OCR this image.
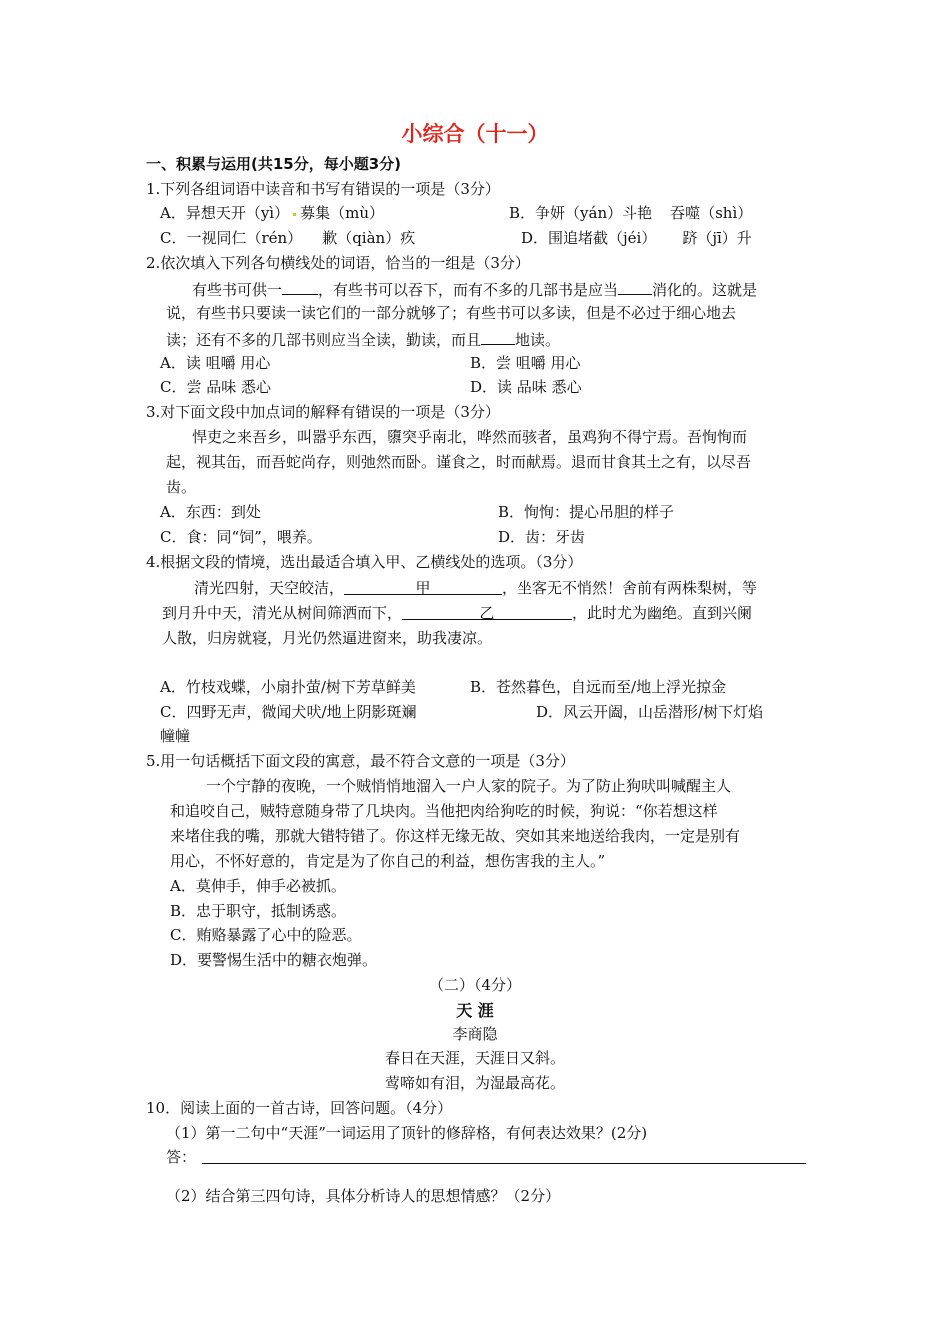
小综合（十一）
一、积累与运用(共15分，每小题3分)
1.下列各组词语中读音和书写有错误的一项是（3分）
A．异想天开（yì） 募集（mù）	B．争妍（yán）斗艳 吞噬（shì）
C．一视同仁（rén） 歉（qiàn）疚	D．围追堵截（jéi） 跻（jī）升
2.依次填入下列各句横线处的词语，恰当的一组是（3分）
有些书可供一 ，有些书可以吞下，而有不多的几部书是应当 消化的。这就是
说，有些书只要读一读它们的一部分就够了；有些书可以多读，但是不必过于细心地去
读；还有不多的几部书则应当全读，勤读，而且 地读。
A．读 咀嚼 用心	B．尝 咀嚼 用心
C．尝 品味 悉心	D．读 品味 悉心
3.对下面文段中加点词的解释有错误的一项是（3分）
悍吏之来吾乡，叫嚣乎东西，隳突乎南北，哗然而骇者，虽鸡狗不得宁焉。吾恂恂而
起，视其缶，而吾蛇尚存，则弛然而卧。谨食之，时而献焉。退而甘食其土之有，以尽吾
齿。
A．东西：到处	B．恂恂：提心吊胆的样子
C．食：同“饲”，喂养。	D．齿：牙齿
4.根据文段的情境，选出最适合填入甲、乙横线处的选项。（3分）
清光四射，天空皎洁，	甲	，坐客无不悄然！舍前有两株梨树，等
到月升中天，清光从树间筛洒而下，	乙	，此时尤为幽绝。直到兴阑
人散，归房就寝，月光仍然逼进窗来，助我凄凉。
A．竹枝戏蝶，小扇扑萤/树下芳草鲜美	B．苍然暮色，自远而至/地上浮光掠金
C．四野无声，微闻犬吠/地上阴影斑斓	D．风云开阖，山岳潜形/树下灯焰
幢幢
5.用一句话概括下面文段的寓意，最不符合文意的一项是（3分）
一个宁静的夜晚，一个贼悄悄地溜入一户人家的院子。为了防止狗吠叫喊醒主人
和追咬自己，贼特意随身带了几块肉。当他把肉给狗吃的时候，狗说：“你若想这样
来堵住我的嘴，那就大错特错了。你这样无缘无故、突如其来地送给我肉，一定是别有
用心，不怀好意的，肯定是为了你自己的利益，想伤害我的主人。”
A．莫伸手，伸手必被抓。
B．忠于职守，抵制诱惑。
C．贿赂暴露了心中的险恶。
D．要警惕生活中的糖衣炮弹。
（二）（4分）
天 涯
李商隐
春日在天涯，天涯日又斜。
莺啼如有泪，为湿最高花。
10．阅读上面的一首古诗，回答问题。（4分）
（1）第一二句中“天涯”一词运用了顶针的修辞格，有何表达效果？(2分)
答：
（2）结合第三四句诗，具体分析诗人的思想情感？（2分）
